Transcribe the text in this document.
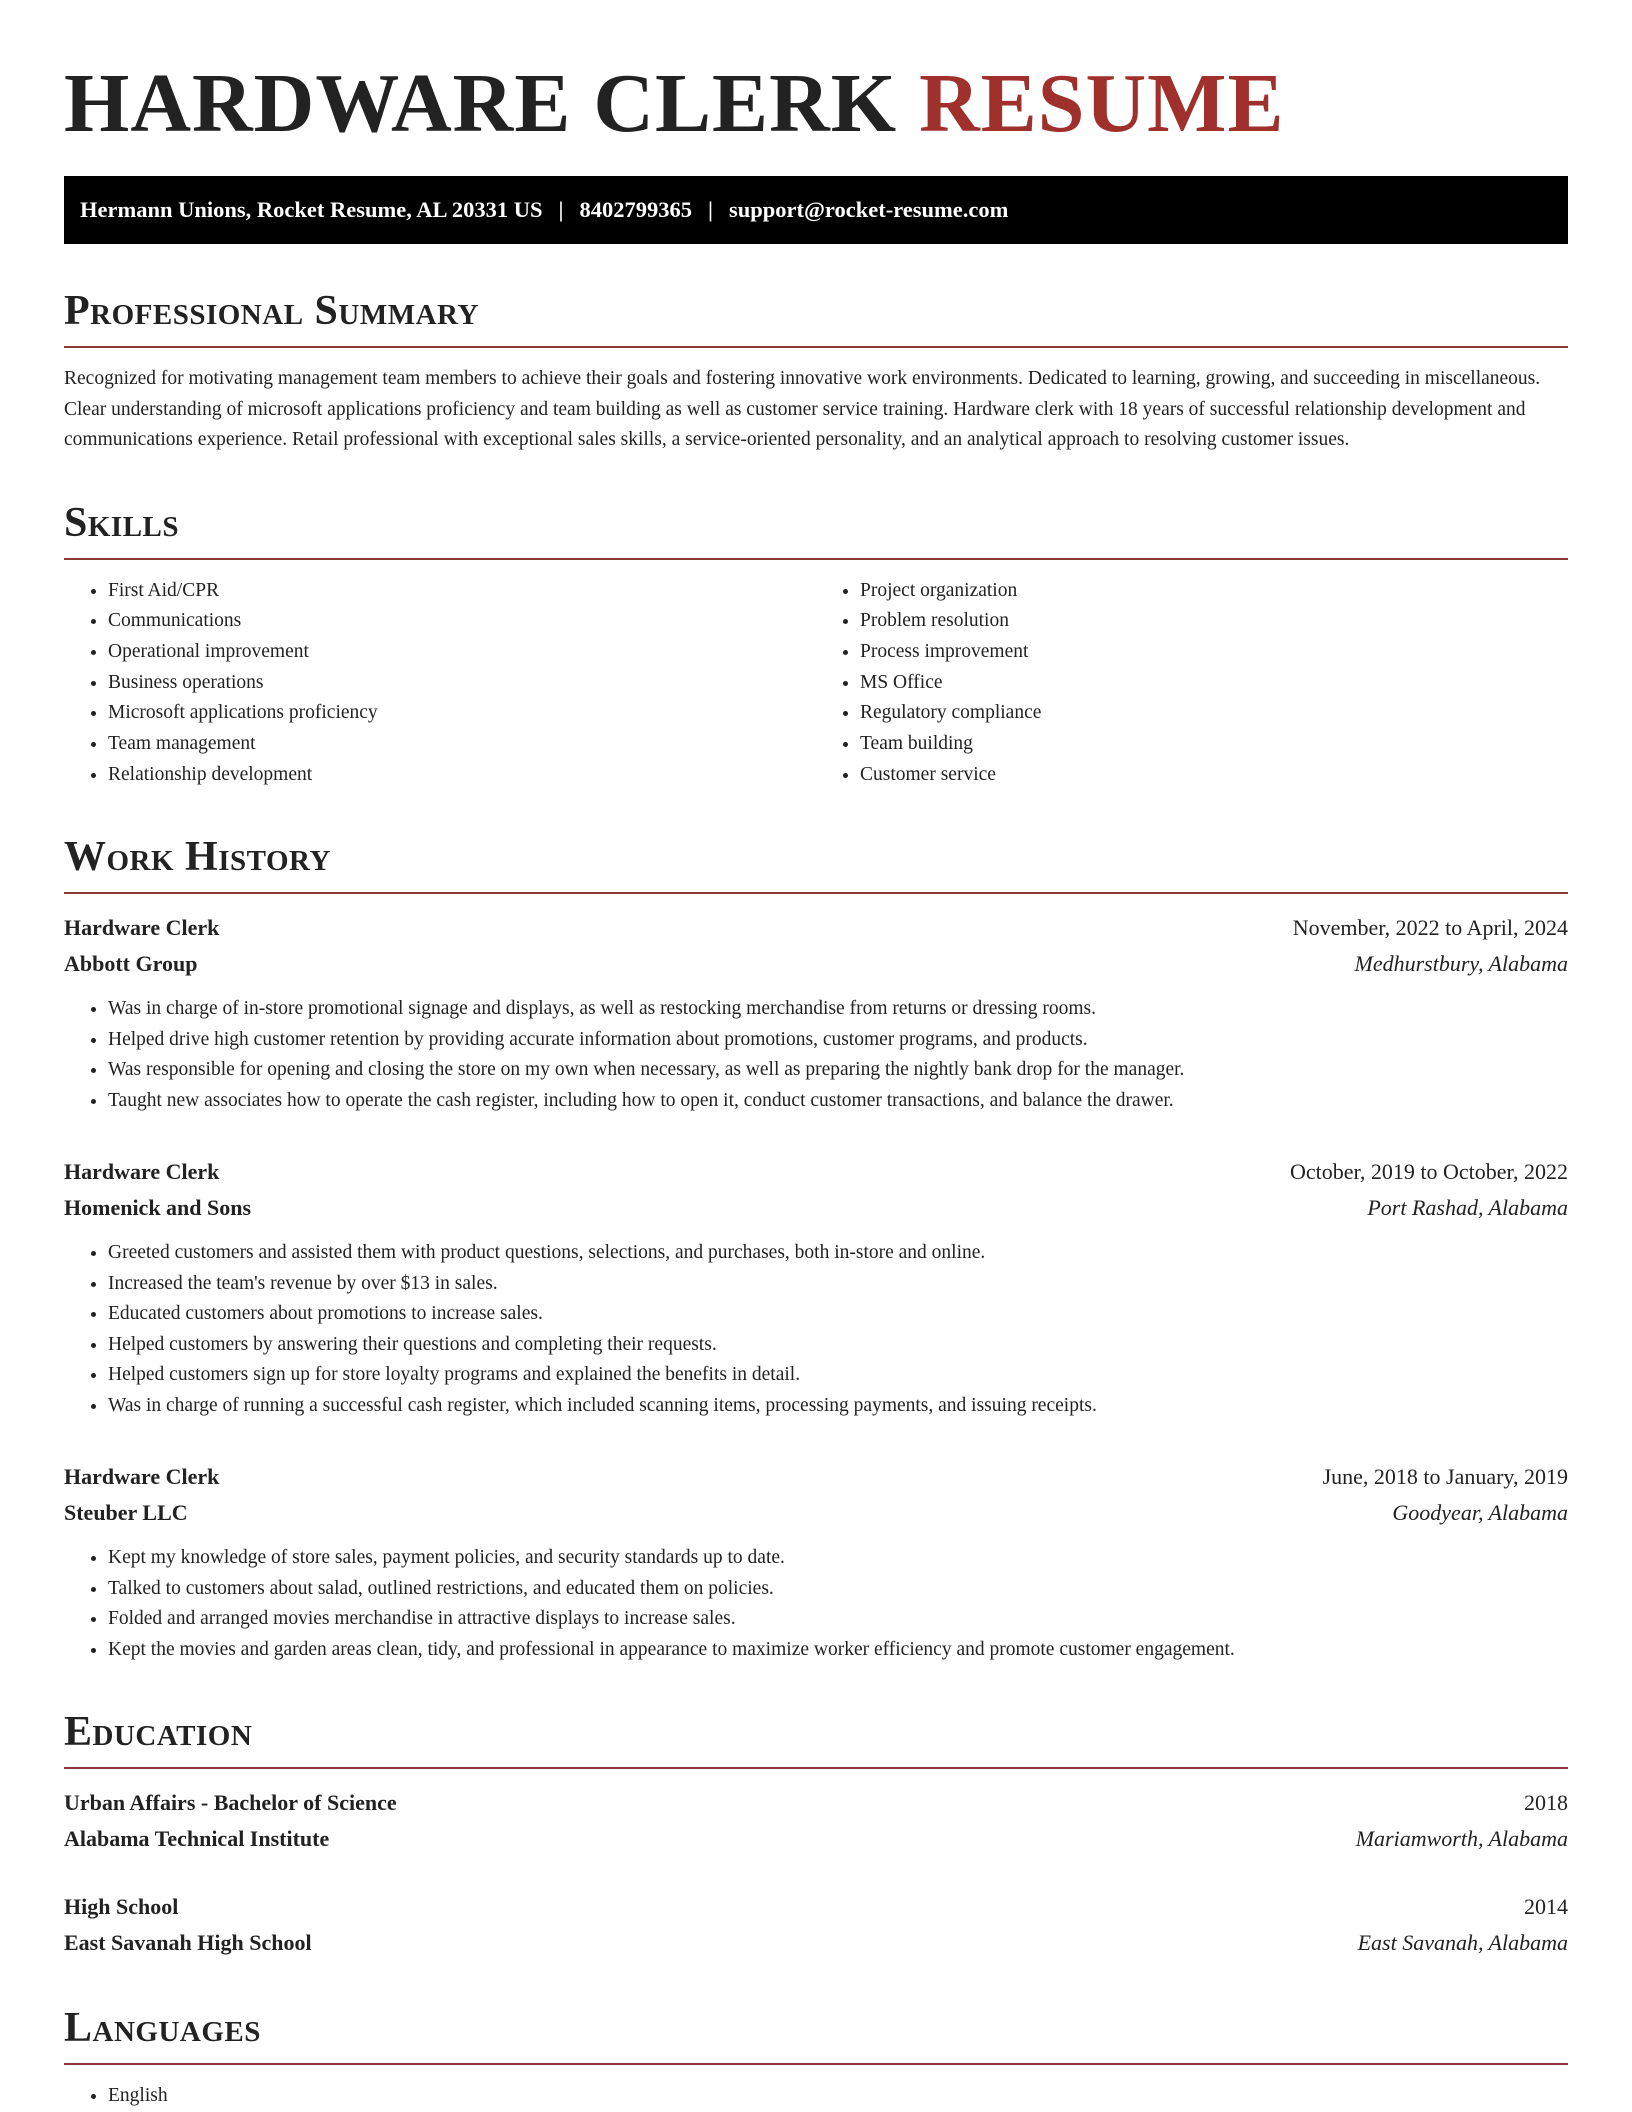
HARDWARE CLERK RESUME
Hermann Unions, Rocket Resume, AL 20331 US | 8402799365 | support@rocket-resume.com
Professional Summary

Recognized for motivating management team members to achieve their goals and fostering innovative work environments. Dedicated to learning, growing, and succeeding in miscellaneous. Clear understanding of microsoft applications proficiency and team building as well as customer service training. Hardware clerk with 18 years of successful relationship development and communications experience. Retail professional with exceptional sales skills, a service-oriented personality, and an analytical approach to resolving customer issues.

Skills
• First Aid/CPR
• Communications
• Operational improvement
• Business operations
• Microsoft applications proficiency
• Team management
• Relationship development
• Project organization
• Problem resolution
• Process improvement
• MS Office
• Regulatory compliance
• Team building
• Customer service
Work History
Hardware Clerk	November, 2022 to April, 2024
Abbott Group	Medhurstbury, Alabama
• Was in charge of in-store promotional signage and displays, as well as restocking merchandise from returns or dressing rooms.
• Helped drive high customer retention by providing accurate information about promotions, customer programs, and products.
• Was responsible for opening and closing the store on my own when necessary, as well as preparing the nightly bank drop for the manager.
• Taught new associates how to operate the cash register, including how to open it, conduct customer transactions, and balance the drawer.
Hardware Clerk	October, 2019 to October, 2022
Homenick and Sons	Port Rashad, Alabama
• Greeted customers and assisted them with product questions, selections, and purchases, both in-store and online.
• Increased the team's revenue by over $13 in sales.
• Educated customers about promotions to increase sales.
• Helped customers by answering their questions and completing their requests.
• Helped customers sign up for store loyalty programs and explained the benefits in detail.
• Was in charge of running a successful cash register, which included scanning items, processing payments, and issuing receipts.
Hardware Clerk	June, 2018 to January, 2019
Steuber LLC	Goodyear, Alabama
• Kept my knowledge of store sales, payment policies, and security standards up to date.
• Talked to customers about salad, outlined restrictions, and educated them on policies.
• Folded and arranged movies merchandise in attractive displays to increase sales.
• Kept the movies and garden areas clean, tidy, and professional in appearance to maximize worker efficiency and promote customer engagement.
Education
Urban Affairs - Bachelor of Science	2018
Alabama Technical Institute	Mariamworth, Alabama
High School	2014
East Savanah High School	East Savanah, Alabama
Languages
• English
